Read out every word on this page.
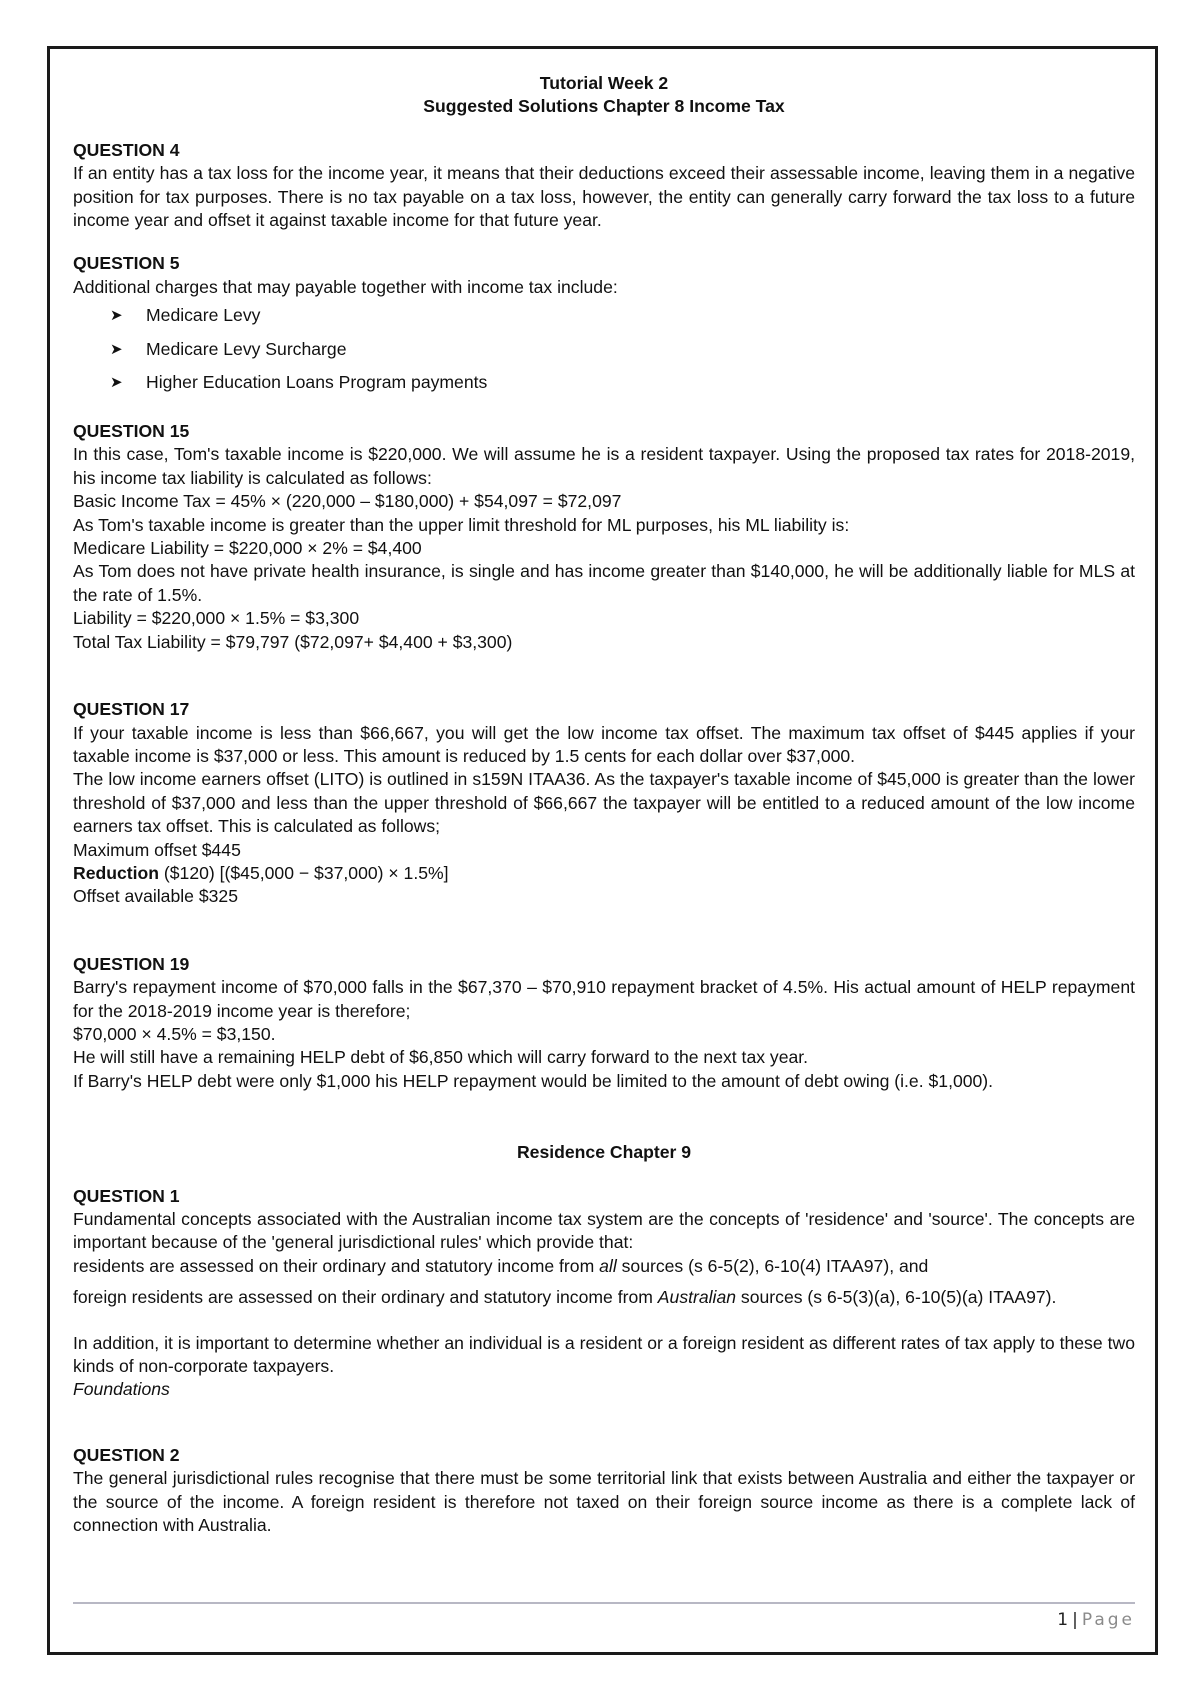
Tutorial Week 2

Suggested Solutions Chapter 8 Income Tax

QUESTION 4

If an entity has a tax loss for the income year, it means that their deductions exceed their assessable income, leaving them in a negative position for tax purposes. There is no tax payable on a tax loss, however, the entity can generally carry forward the tax loss to a future income year and offset it against taxable income for that future year.

QUESTION 5

Additional charges that may payable together with income tax include:

➤ Medicare Levy
➤ Medicare Levy Surcharge
➤ Higher Education Loans Program payments

QUESTION 15

In this case, Tom's taxable income is $220,000. We will assume he is a resident taxpayer. Using the proposed tax rates for 2018-2019, his income tax liability is calculated as follows:

Basic Income Tax = 45% × (220,000 – $180,000) + $54,097 = $72,097

As Tom's taxable income is greater than the upper limit threshold for ML purposes, his ML liability is:

Medicare Liability = $220,000 × 2% = $4,400

As Tom does not have private health insurance, is single and has income greater than $140,000, he will be additionally liable for MLS at the rate of 1.5%.

Liability = $220,000 × 1.5% = $3,300

Total Tax Liability = $79,797 ($72,097+ $4,400 + $3,300)

QUESTION 17

If your taxable income is less than $66,667, you will get the low income tax offset. The maximum tax offset of $445 applies if your taxable income is $37,000 or less. This amount is reduced by 1.5 cents for each dollar over $37,000.

The low income earners offset (LITO) is outlined in s159N ITAA36. As the taxpayer's taxable income of $45,000 is greater than the lower threshold of $37,000 and less than the upper threshold of $66,667 the taxpayer will be entitled to a reduced amount of the low income earners tax offset. This is calculated as follows;

Maximum offset $445

Reduction ($120) [($45,000 − $37,000) × 1.5%]

Offset available $325

QUESTION 19

Barry's repayment income of $70,000 falls in the $67,370 – $70,910 repayment bracket of 4.5%. His actual amount of HELP repayment for the 2018-2019 income year is therefore;

$70,000 × 4.5% = $3,150.

He will still have a remaining HELP debt of $6,850 which will carry forward to the next tax year.

If Barry's HELP debt were only $1,000 his HELP repayment would be limited to the amount of debt owing (i.e. $1,000).

Residence Chapter 9

QUESTION 1

Fundamental concepts associated with the Australian income tax system are the concepts of 'residence' and 'source'. The concepts are important because of the 'general jurisdictional rules' which provide that:

residents are assessed on their ordinary and statutory income from all sources (s 6-5(2), 6-10(4) ITAA97), and

foreign residents are assessed on their ordinary and statutory income from Australian sources (s 6-5(3)(a), 6-10(5)(a) ITAA97).

In addition, it is important to determine whether an individual is a resident or a foreign resident as different rates of tax apply to these two kinds of non-corporate taxpayers.

Foundations

QUESTION 2

The general jurisdictional rules recognise that there must be some territorial link that exists between Australia and either the taxpayer or the source of the income. A foreign resident is therefore not taxed on their foreign source income as there is a complete lack of connection with Australia.

1 | Page
